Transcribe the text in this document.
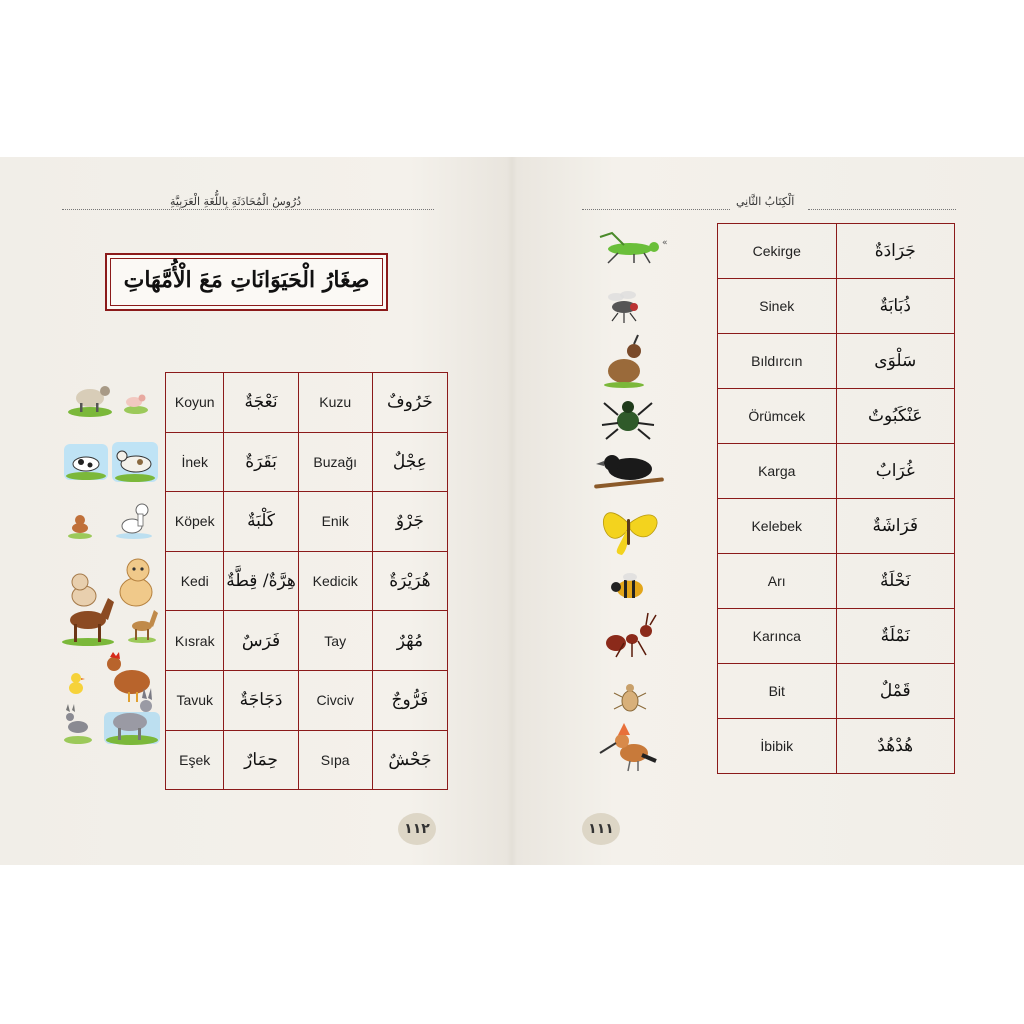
دُرُوسُ الْمُحَادَثَةِ بِاللُّغَةِ الْعَرَبِيَّةِ
صِغَارُ الْحَيَوَانَاتِ مَعَ الْأُمَّهَاتِ
Koyun	نَعْجَةٌ	Kuzu	خَرُوفٌ
İnek	بَقَرَةٌ	Buzağı	عِجْلٌ
Köpek	كَلْبَةٌ	Enik	جَرْوٌ
Kedi	هِرَّةٌ/ قِطَّةٌ	Kedicik	هُرَيْرَةٌ
Kısrak	فَرَسٌ	Tay	مُهْرٌ
Tavuk	دَجَاجَةٌ	Civciv	فَرُّوجٌ
Eşek	حِمَارٌ	Sıpa	جَحْشٌ
١١٢
اَلْكِتَابُ الثَّانِي
Cekirge	جَرَادَةٌ
Sinek	ذُبَابَةٌ
Bıldırcın	سَلْوَى
Örümcek	عَنْكَبُوتٌ
Karga	غُرَابٌ
Kelebek	فَرَاشَةٌ
Arı	نَحْلَةٌ
Karınca	نَمْلَةٌ
Bit	قَمْلٌ
İbibik	هُدْهُدٌ
«
١١١
